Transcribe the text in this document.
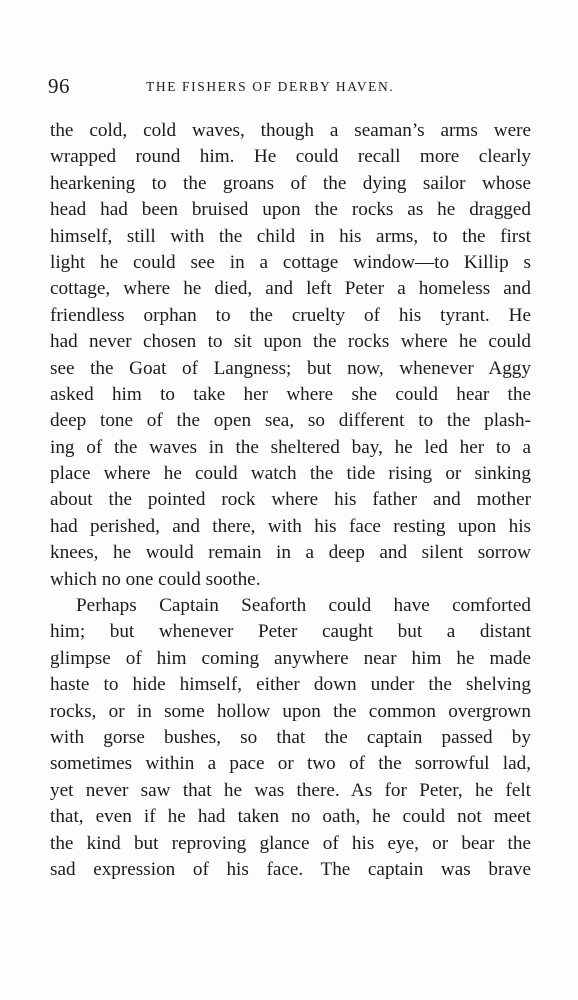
96	THE FISHERS OF DERBY HAVEN.
the cold, cold waves, though a seaman’s arms were
wrapped round him. He could recall more clearly
hearkening to the groans of the dying sailor whose
head had been bruised upon the rocks as he dragged
himself, still with the child in his arms, to the first
light he could see in a cottage window—to Killip s
cottage, where he died, and left Peter a homeless and
friendless orphan to the cruelty of his tyrant. He
had never chosen to sit upon the rocks where he could
see the Goat of Langness; but now, whenever Aggy
asked him to take her where she could hear the
deep tone of the open sea, so different to the plash-
ing of the waves in the sheltered bay, he led her to a
place where he could watch the tide rising or sinking
about the pointed rock where his father and mother
had perished, and there, with his face resting upon his
knees, he would remain in a deep and silent sorrow
which no one could soothe.
Perhaps Captain Seaforth could have comforted
him; but whenever Peter caught but a distant
glimpse of him coming anywhere near him he made
haste to hide himself, either down under the shelving
rocks, or in some hollow upon the common overgrown
with gorse bushes, so that the captain passed by
sometimes within a pace or two of the sorrowful lad,
yet never saw that he was there. As for Peter, he felt
that, even if he had taken no oath, he could not meet
the kind but reproving glance of his eye, or bear the
sad expression of his face. The captain was brave
